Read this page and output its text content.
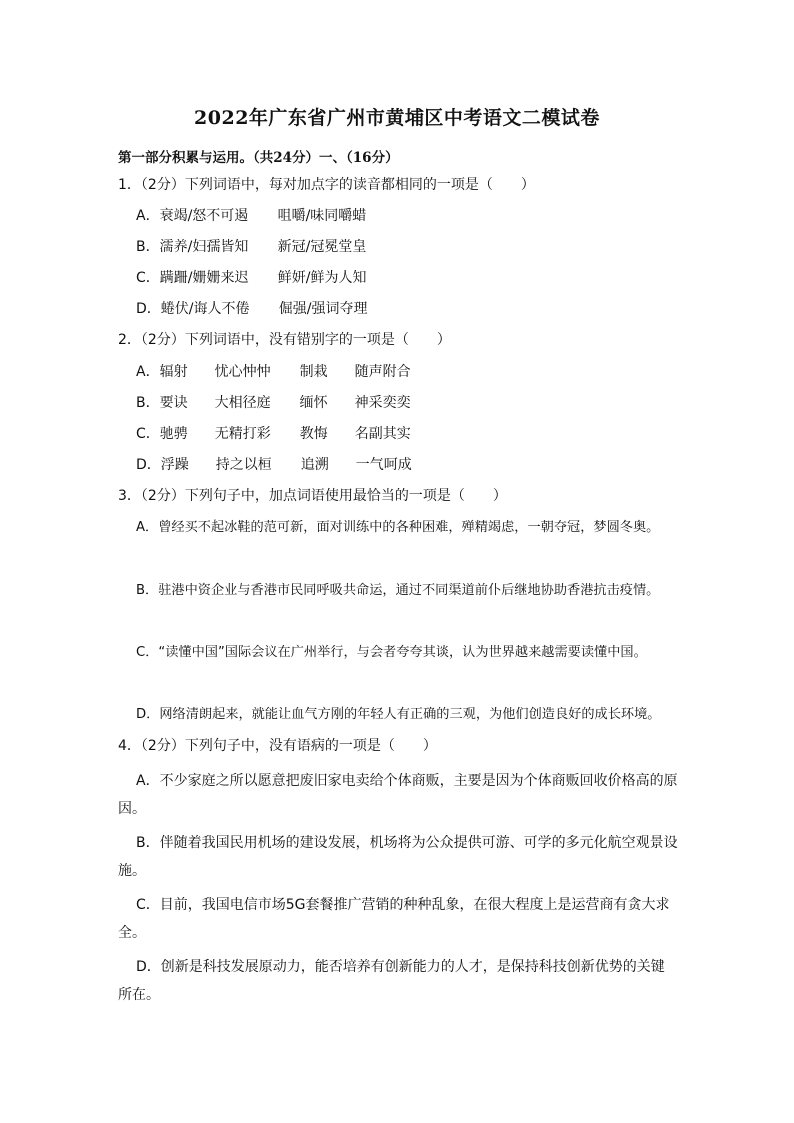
2022年广东省广州市黄埔区中考语文二模试卷
第一部分积累与运用。（共24分）一、（16分）
1．（2分）下列词语中，每对加点字的读音都相同的一项是（　　）
A．衰竭/怒不可遏 咀嚼/味同嚼蜡
B．濡养/妇孺皆知 新冠/冠冕堂皇
C．蹒跚/姗姗来迟 鲜妍/鲜为人知
D．蜷伏/诲人不倦 倔强/强词夺理
2．（2分）下列词语中，没有错别字的一项是（　　）
A．辐射 忧心忡忡 制栽 随声附合
B．要诀 大相径庭 缅怀 神采奕奕
C．驰骋 无精打彩 教悔 名副其实
D．浮躁 持之以桓 追溯 一气呵成
3．（2分）下列句子中，加点词语使用最恰当的一项是（　　）
A．曾经买不起冰鞋的范可新，面对训练中的各种困难，殚精竭虑，一朝夺冠，梦圆冬奥。
B．驻港中资企业与香港市民同呼吸共命运，通过不同渠道前仆后继地协助香港抗击疫情。
C．“读懂中国”国际会议在广州举行，与会者夸夸其谈，认为世界越来越需要读懂中国。
D．网络清朗起来，就能让血气方刚的年轻人有正确的三观，为他们创造良好的成长环境。
4．（2分）下列句子中，没有语病的一项是（　　）
A．不少家庭之所以愿意把废旧家电卖给个体商贩，主要是因为个体商贩回收价格高的原因。
B．伴随着我国民用机场的建设发展，机场将为公众提供可游、可学的多元化航空观景设施。
C．目前，我国电信市场5G套餐推广营销的种种乱象，在很大程度上是运营商有贪大求全。
D．创新是科技发展原动力，能否培养有创新能力的人才，是保持科技创新优势的关键所在。
